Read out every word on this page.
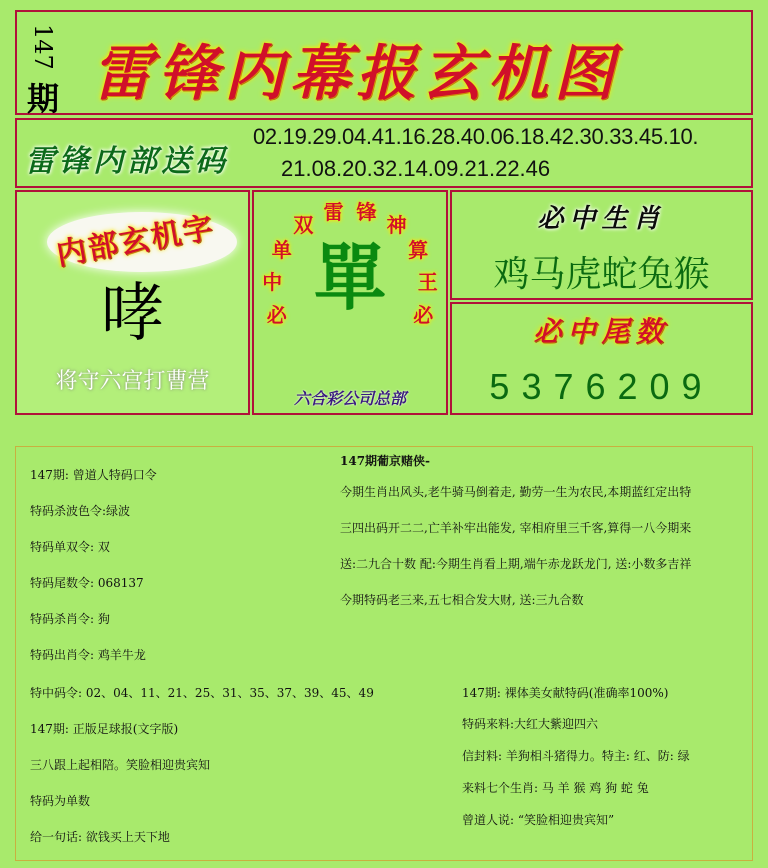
147
期 雷锋内幕报玄机图
雷锋内部送码
02.19.29.04.41.16.28.40.06.18.42.30.33.45.10.
21.08.20.32.14.09.21.22.46
内部玄机字
哮
将守六宫打曹营
必
中
单
双
雷 锋
神
算
王
必
單
六合彩公司总部
必中生肖
鸡马虎蛇兔猴
必中尾数
5376209
147期: 曾道人特码口令
特码杀波色令:绿波
特码单双令: 双
特码尾数令: 068137
特码杀肖令: 狗
特码出肖令: 鸡羊牛龙
特中码令: 02、04、11、21、25、31、35、37、39、45、49
147期: 正版足球报(文字版)
三八跟上起相陪。笑脸相迎贵宾知
特码为单数
给一句话: 欲钱买上天下地
147期葡京赌侠-
今期生肖出风头,老牛骑马倒着走, 勤劳一生为农民,本期蓝红定出特
三四出码开二二,亡羊补牢出能发, 宰相府里三千客,算得一八今期来
送:二九合十数 配:今期生肖看上期,端午赤龙跃龙门, 送:小数多吉祥
今期特码老三来,五七相合发大财, 送:三九合数
147期: 裸体美女献特码(准确率100%)
特码来料:大红大紫迎四六
信封料: 羊狗相斗猪得力。特主: 红、防: 绿
来料七个生肖: 马 羊 猴 鸡 狗 蛇 兔
曾道人说: “笑脸相迎贵宾知”
